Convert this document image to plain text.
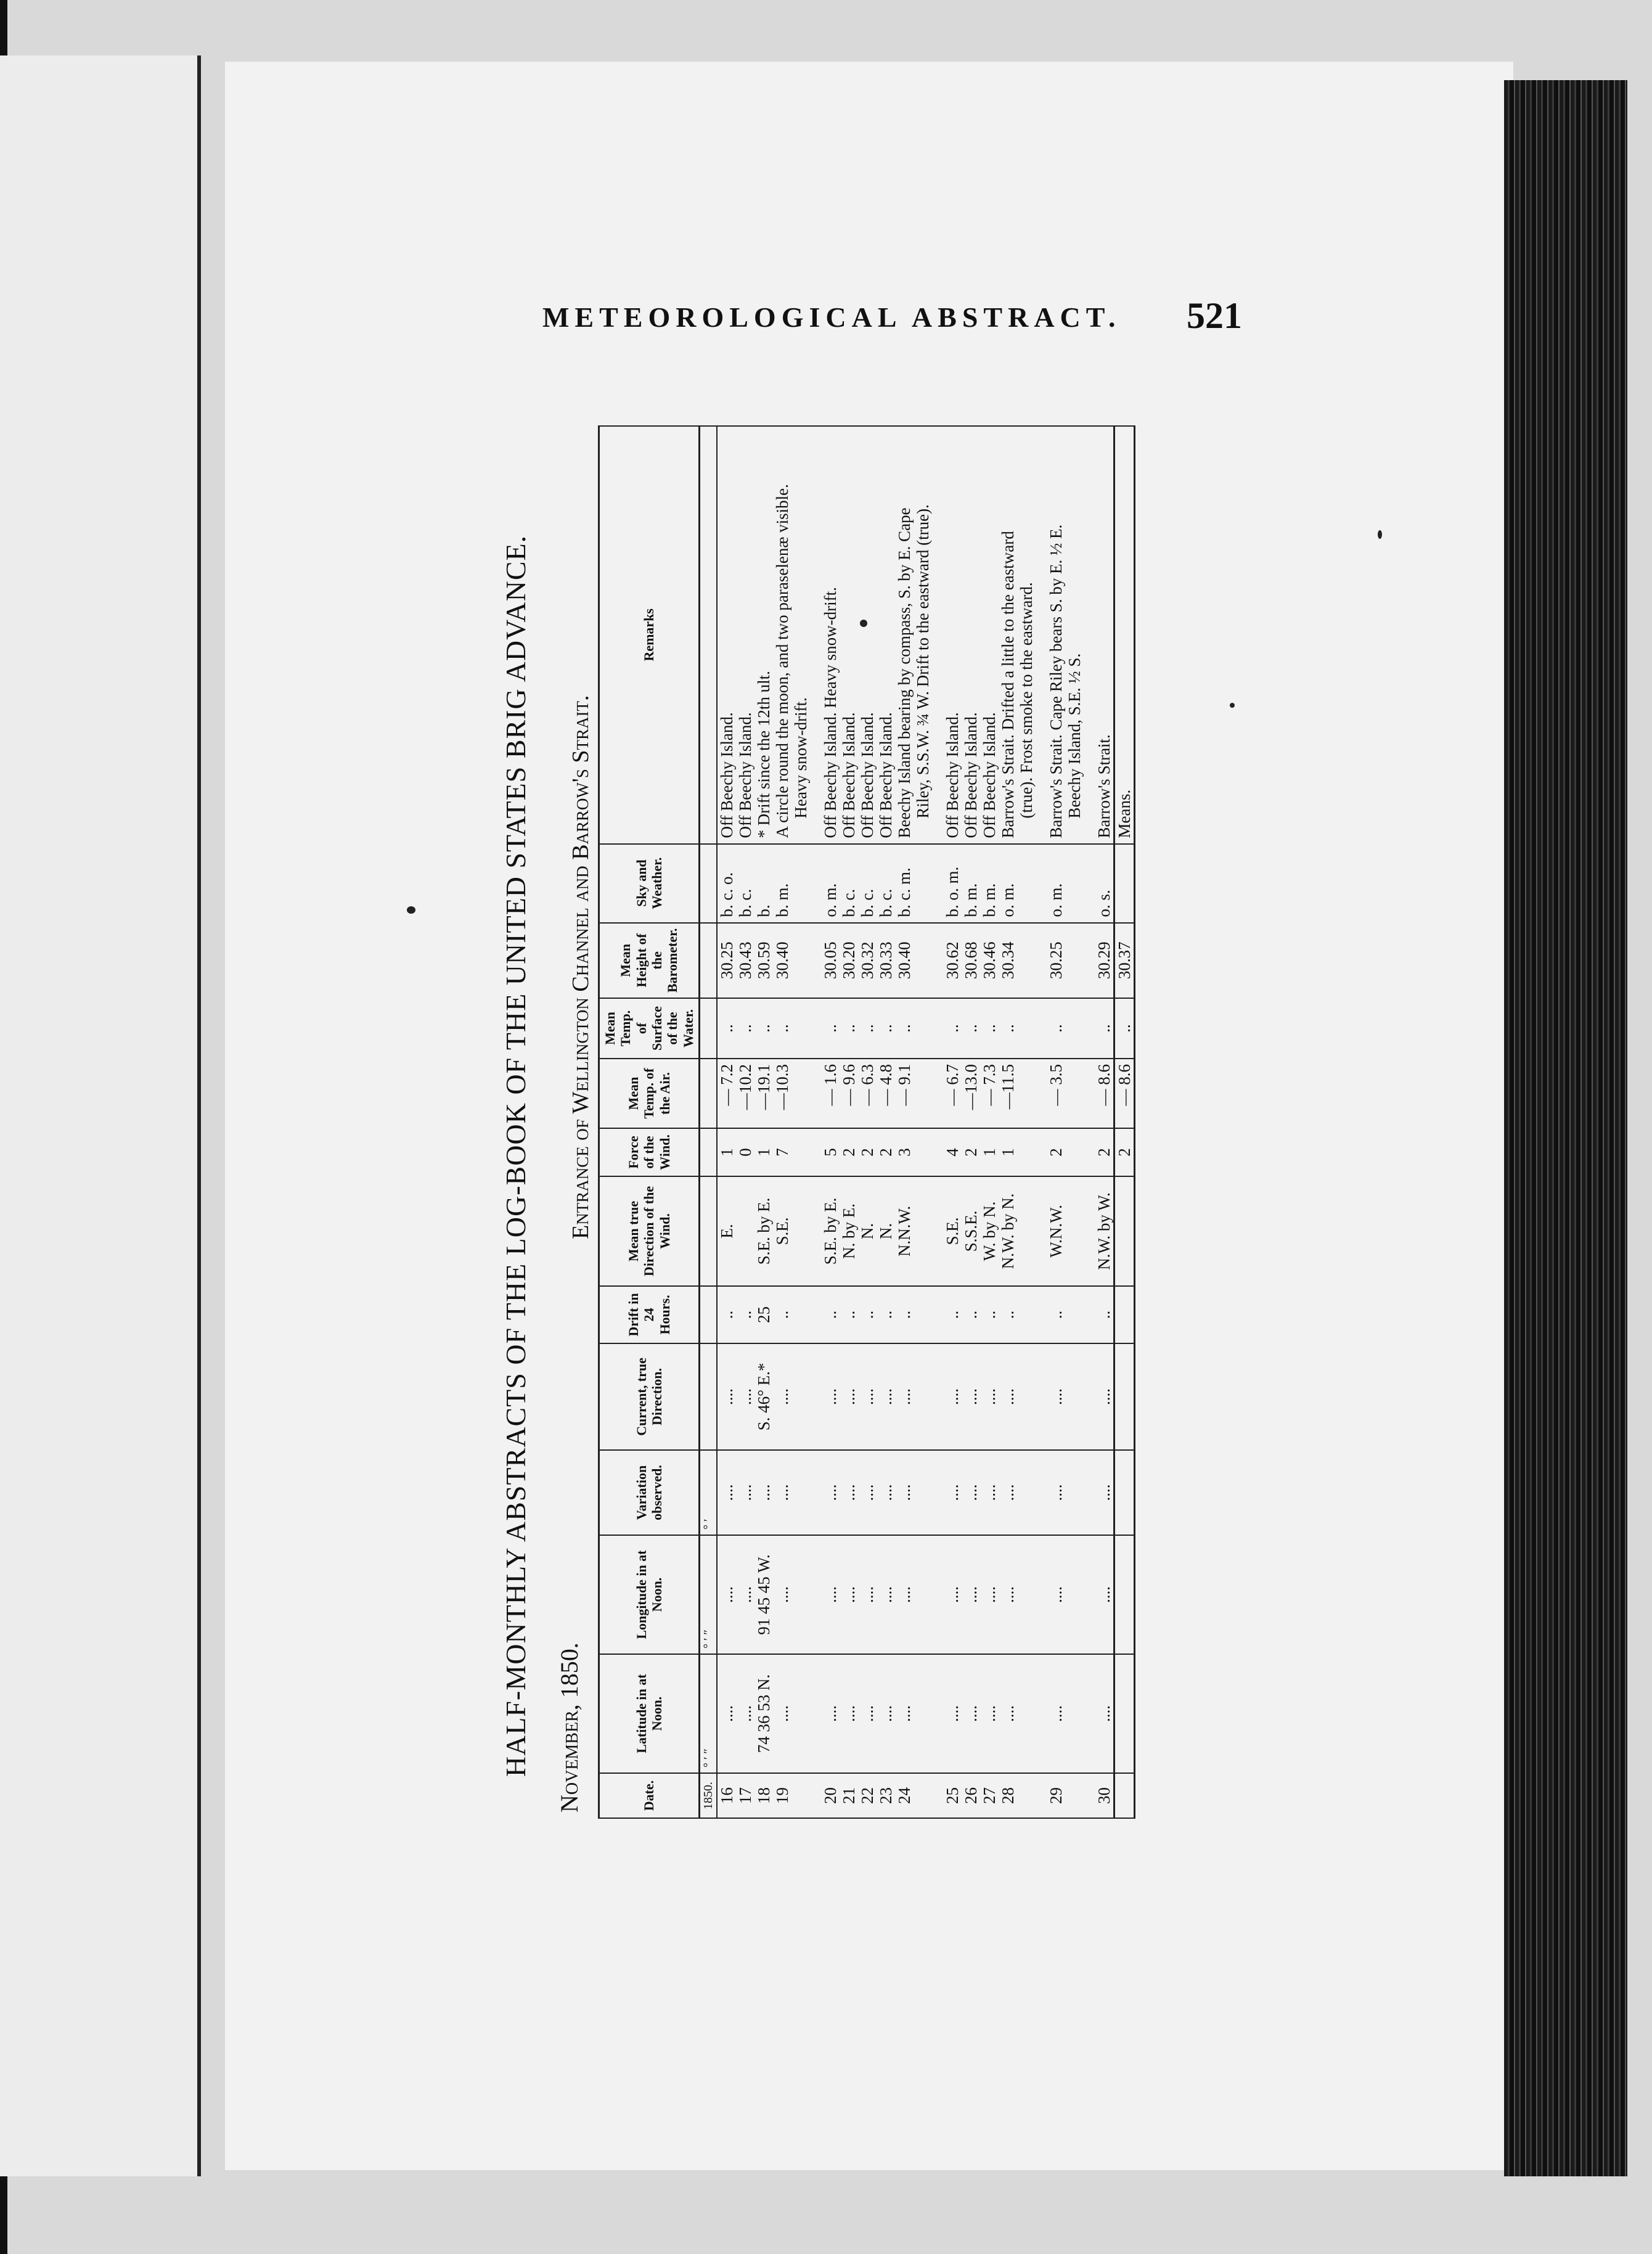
METEOROLOGICAL ABSTRACT. 521
HALF-MONTHLY ABSTRACTS OF THE LOG-BOOK OF THE UNITED STATES BRIG ADVANCE. November, 1850.
Entrance of Wellington Channel and Barrow's Strait.
Date.	Latitude in at Noon.	Longitude in at Noon.	Variation observed.	Current, true Direction.	Drift in 24 Hours.	Mean true Direction of the Wind.	Force of the Wind.	Mean Temp. of the Air.	Mean Temp. of Surface of the Water.	Mean Height of the Barometer.	Sky and Weather.	Remarks
1850.	° ′ ″	° ′ ″	° ′									
16	....	....	....	....	..	E.	1	— 7.2	..	30.25	b. c. o.	Off Beechy Island.
17	....	....	....	....	..		0	—10.2	..	30.43	b. c.	Off Beechy Island.
18	74 36 53 N.	91 45 45 W.	....	S. 46° E.*	25	S.E. by E.	1	—19.1	..	30.59	b.	* Drift since the 12th ult.
19	....	....	....	....	..	S.E.	7	—10.3	..	30.40	b. m.	A circle round the moon, and two paraselenæ visible.
												Heavy snow-drift.

20	....	....	....	....	..	S.E. by E.	5	— 1.6	..	30.05	o. m.	Off Beechy Island. Heavy snow-drift.
21	....	....	....	....	..	N. by E.	2	— 9.6	..	30.20	b. c.	Off Beechy Island.
22	....	....	....	....	..	N.	2	— 6.3	..	30.32	b. c.	Off Beechy Island.
23	....	....	....	....	..	N.	2	— 4.8	..	30.33	b. c.	Off Beechy Island.
24	....	....	....	....	..	N.N.W.	3	— 9.1	..	30.40	b. c. m.	Beechy Island bearing by compass, S. by E. Cape
												Riley, S.S.W. ¾ W. Drift to the eastward (true).

25	....	....	....	....	..	S.E.	4	— 6.7	..	30.62	b. o. m.	Off Beechy Island.
26	....	....	....	....	..	S.S.E.	2	—13.0	..	30.68	b. m.	Off Beechy Island.
27	....	....	....	....	..	W. by N.	1	— 7.3	..	30.46	b. m.	Off Beechy Island.
28	....	....	....	....	..	N.W. by N.	1	—11.5	..	30.34	o. m.	Barrow's Strait. Drifted a little to the eastward
												(true). Frost smoke to the eastward.

29	....	....	....	....	..	W.N.W.	2	— 3.5	..	30.25	o. m.	Barrow's Strait. Cape Riley bears S. by E. ½ E.
												Beechy Island, S.E. ½ S.

30	....	....	....	....	..	N.W. by W.	2	— 8.6	..	30.29	o. s.	Barrow's Strait.
							2	— 8.6	..	30.37		Means.
